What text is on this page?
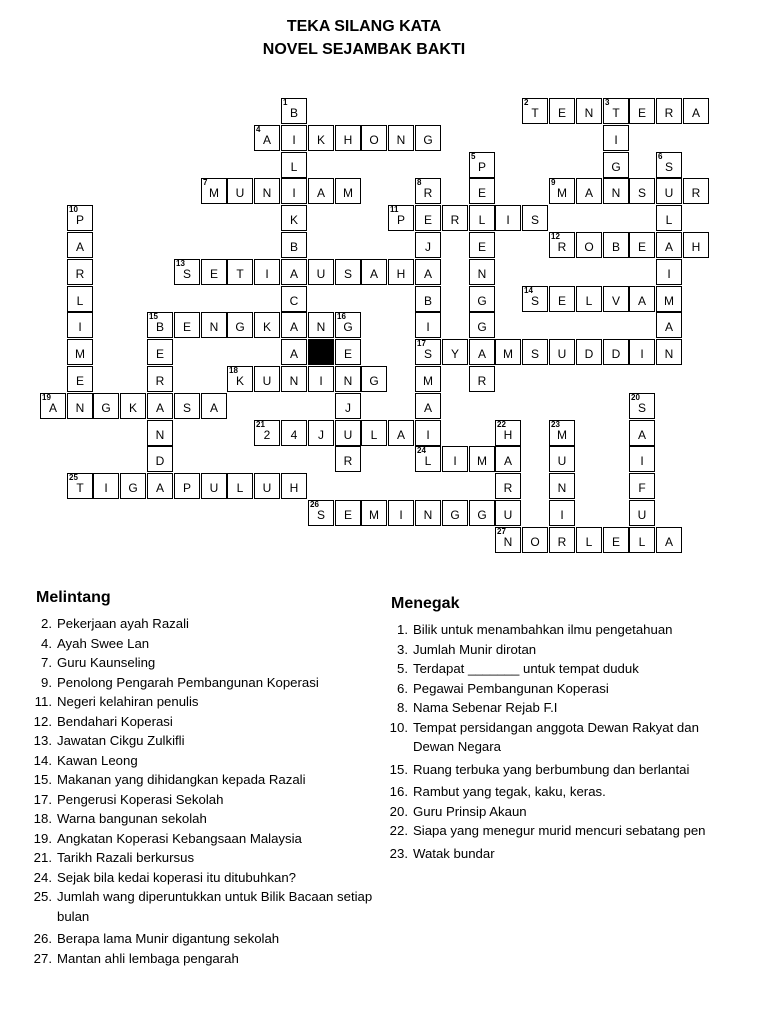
TEKA SILANG KATA
NOVEL SEJAMBAK BAKTI
1
B
2
T	E	N
3
T	E	R	A
4
A	I	K	H	O	N	G	I
L
5
P	G
6
S
7
M	U	N	I	A	M
8
R	E
9
M	A	N	S	U	R
10
P	K
11
P	E	R	L	I	S	L
A	B	J	E
12
R	O	B	E	A	H
R
13
S	E	T	I	A	U	S	A	H	A	N	I
L	C	B	G
14
S	E	L	V	A	M
I
15
B	E	N	G	K	A	N
16
G	I	G	A
M	E	A	E
17
S	Y	A	M	S	U	D	D	I	N
E	R
18
K	U	N	I	N	G	M	R
19
A	N	G	K	A	S	A	J	A
20
S
N
21
2	4	J	U	L	A	I
22
H
23
M	A
D	R
24
L	I	M	A	U	I
25
T	I	G	A	P	U	L	U	H	R	N	F
26
S	E	M	I	N	G	G	U	I	U
27
N	O	R	L	E	L	A
Melintang
2. Pekerjaan ayah Razali
4. Ayah Swee Lan
7. Guru Kaunseling
9. Penolong Pengarah Pembangunan Koperasi
11. Negeri kelahiran penulis
12. Bendahari Koperasi
13. Jawatan Cikgu Zulkifli
14. Kawan Leong
15. Makanan yang dihidangkan kepada Razali
17. Pengerusi Koperasi Sekolah
18. Warna bangunan sekolah
19. Angkatan Koperasi Kebangsaan Malaysia
21. Tarikh Razali berkursus
24. Sejak bila kedai koperasi itu ditubuhkan?
25. Jumlah wang diperuntukkan untuk Bilik Bacaan setiap bulan
26. Berapa lama Munir digantung sekolah
27. Mantan ahli lembaga pengarah
Menegak
1. Bilik untuk menambahkan ilmu pengetahuan
3. Jumlah Munir dirotan
5. Terdapat _______ untuk tempat duduk
6. Pegawai Pembangunan Koperasi
8. Nama Sebenar Rejab F.I
10. Tempat persidangan anggota Dewan Rakyat dan Dewan Negara
15. Ruang terbuka yang berbumbung dan berlantai
16. Rambut yang tegak, kaku, keras.
20. Guru Prinsip Akaun
22. Siapa yang menegur murid mencuri sebatang pen
23. Watak bundar
